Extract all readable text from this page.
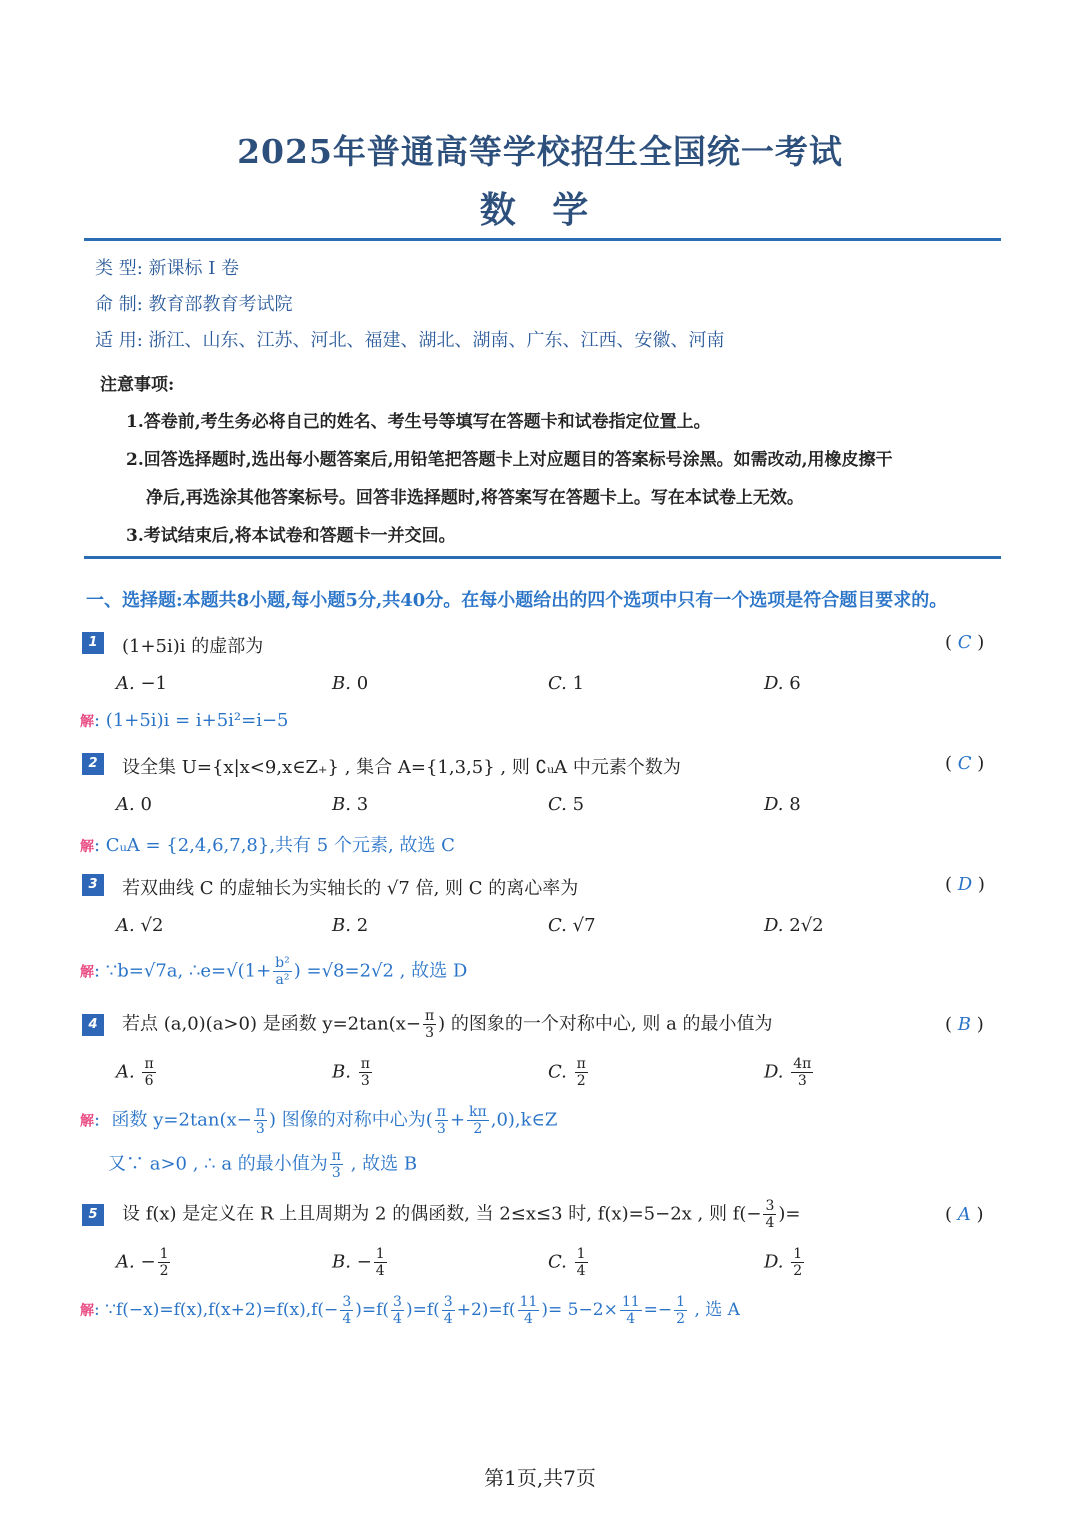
2025年普通高等学校招生全国统一考试
数 学
类 型: 新课标 I 卷
命 制: 教育部教育考试院
适 用: 浙江、山东、江苏、河北、福建、湖北、湖南、广东、江西、安徽、河南
注意事项:
1.答卷前,考生务必将自己的姓名、考生号等填写在答题卡和试卷指定位置上。
2.回答选择题时,选出每小题答案后,用铅笔把答题卡上对应题目的答案标号涂黑。如需改动,用橡皮擦干
净后,再选涂其他答案标号。回答非选择题时,将答案写在答题卡上。写在本试卷上无效。
3.考试结束后,将本试卷和答题卡一并交回。
一、选择题:本题共8小题,每小题5分,共40分。在每小题给出的四个选项中只有一个选项是符合题目要求的。
1	(1+5i)i 的虚部为	( C )
A. −1	B. 0	C. 1	D. 6
解: (1+5i)i = i+5i²=i−5
2	设全集 U={x|x<9,x∈Z₊} , 集合 A={1,3,5} , 则 ∁ᵤA 中元素个数为	( C )
A. 0	B. 3	C. 5	D. 8
解: CᵤA = {2,4,6,7,8},共有 5 个元素, 故选 C
3	若双曲线 C 的虚轴长为实轴长的 √7 倍, 则 C 的离心率为	( D )
A. √2	B. 2	C. √7	D. 2√2
解: ∵b=√7a, ∴e=√(1+ $\frac{\text{b²}}{\text{a²}}$ ) =√8=2√2 , 故选 D
4	若点 (a,0)(a>0) 是函数 $y=2\tan(x- \frac{\pi}{3}$ ) 的图象的一个对称中心, 则 a 的最小值为	( B )
A. $\frac{\pi}{6}$	B. $\frac{\pi}{3}$	C. $\frac{\pi}{2}$	D. $\frac{4\pi}{3}$
解:  函数 $y=2\tan(x- \frac{\pi}{3}$ ) 图像的对称中心为( $\frac{\pi}{3} + \frac{k\pi}{2}$ ,0),k∈Z
又∵ a>0 , ∴ a 的最小值为 $\frac{\pi}{3}$ , 故选 B
5	设 f(x) 是定义在 R 上且周期为 2 的偶函数, 当 2≤x≤3 时, f(x)=5−2x , 则 $f(- \frac{3}{4}$ )=	( A )
A. − $\frac{1}{2}$	B. − $\frac{1}{4}$	C. $\frac{1}{4}$	D. $\frac{1}{2}$
解: ∵f(−x)=f(x),f(x+2)=f(x),f(− $\frac{3}{4} )=f( \frac{3}{4} )=f( \frac{3}{4} +2)=f( \frac{11}{4}$ )= $5-2\times \frac{11}{4} =- \frac{1}{2}$ , 选 A
第1页,共7页
